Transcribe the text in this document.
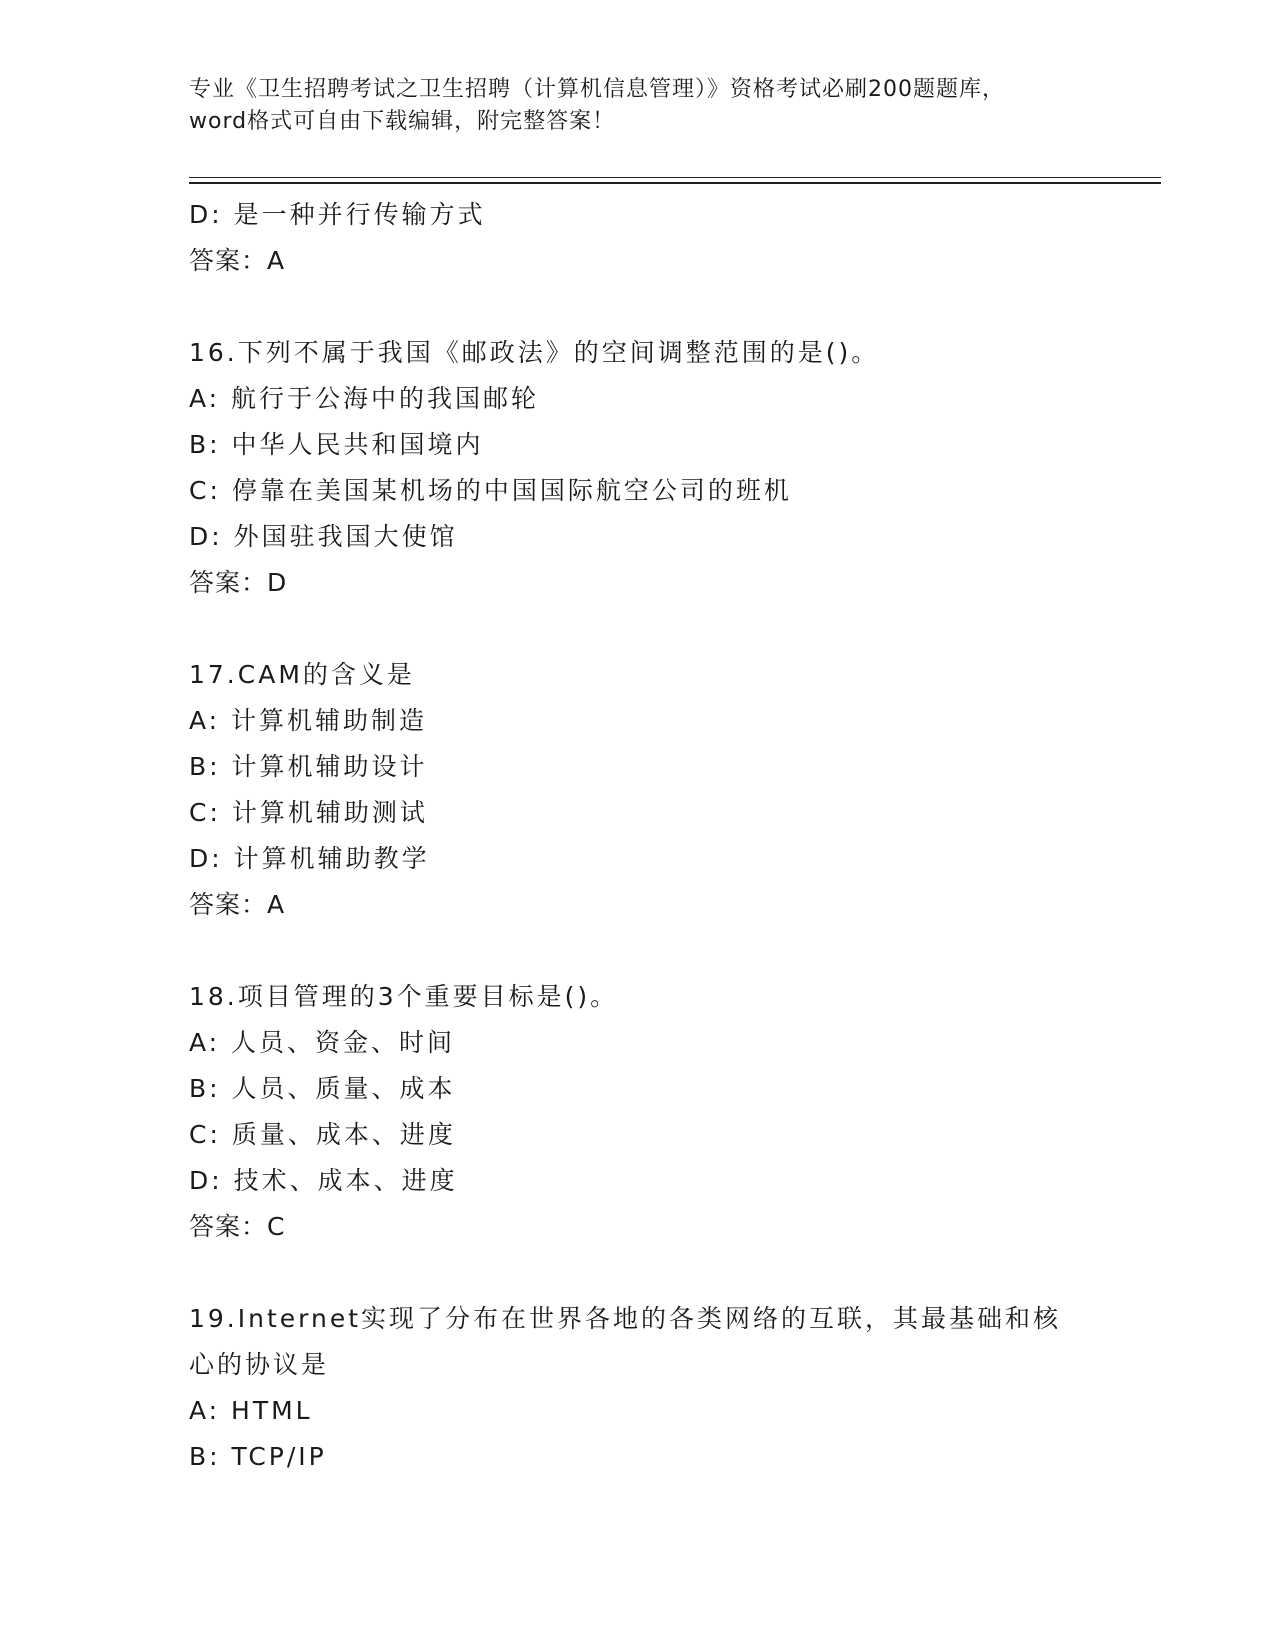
专业《卫生招聘考试之卫生招聘（计算机信息管理）》资格考试必刷200题题库，
word格式可自由下载编辑，附完整答案！
D: 是一种并行传输方式
答案：A
16.下列不属于我国《邮政法》的空间调整范围的是()。
A: 航行于公海中的我国邮轮
B: 中华人民共和国境内
C: 停靠在美国某机场的中国国际航空公司的班机
D: 外国驻我国大使馆
答案：D
17.CAM的含义是
A: 计算机辅助制造
B: 计算机辅助设计
C: 计算机辅助测试
D: 计算机辅助教学
答案：A
18.项目管理的3个重要目标是()。
A: 人员、资金、时间
B: 人员、质量、成本
C: 质量、成本、进度
D: 技术、成本、进度
答案：C
19.Internet实现了分布在世界各地的各类网络的互联，其最基础和核
心的协议是
A: HTML
B: TCP/IP
